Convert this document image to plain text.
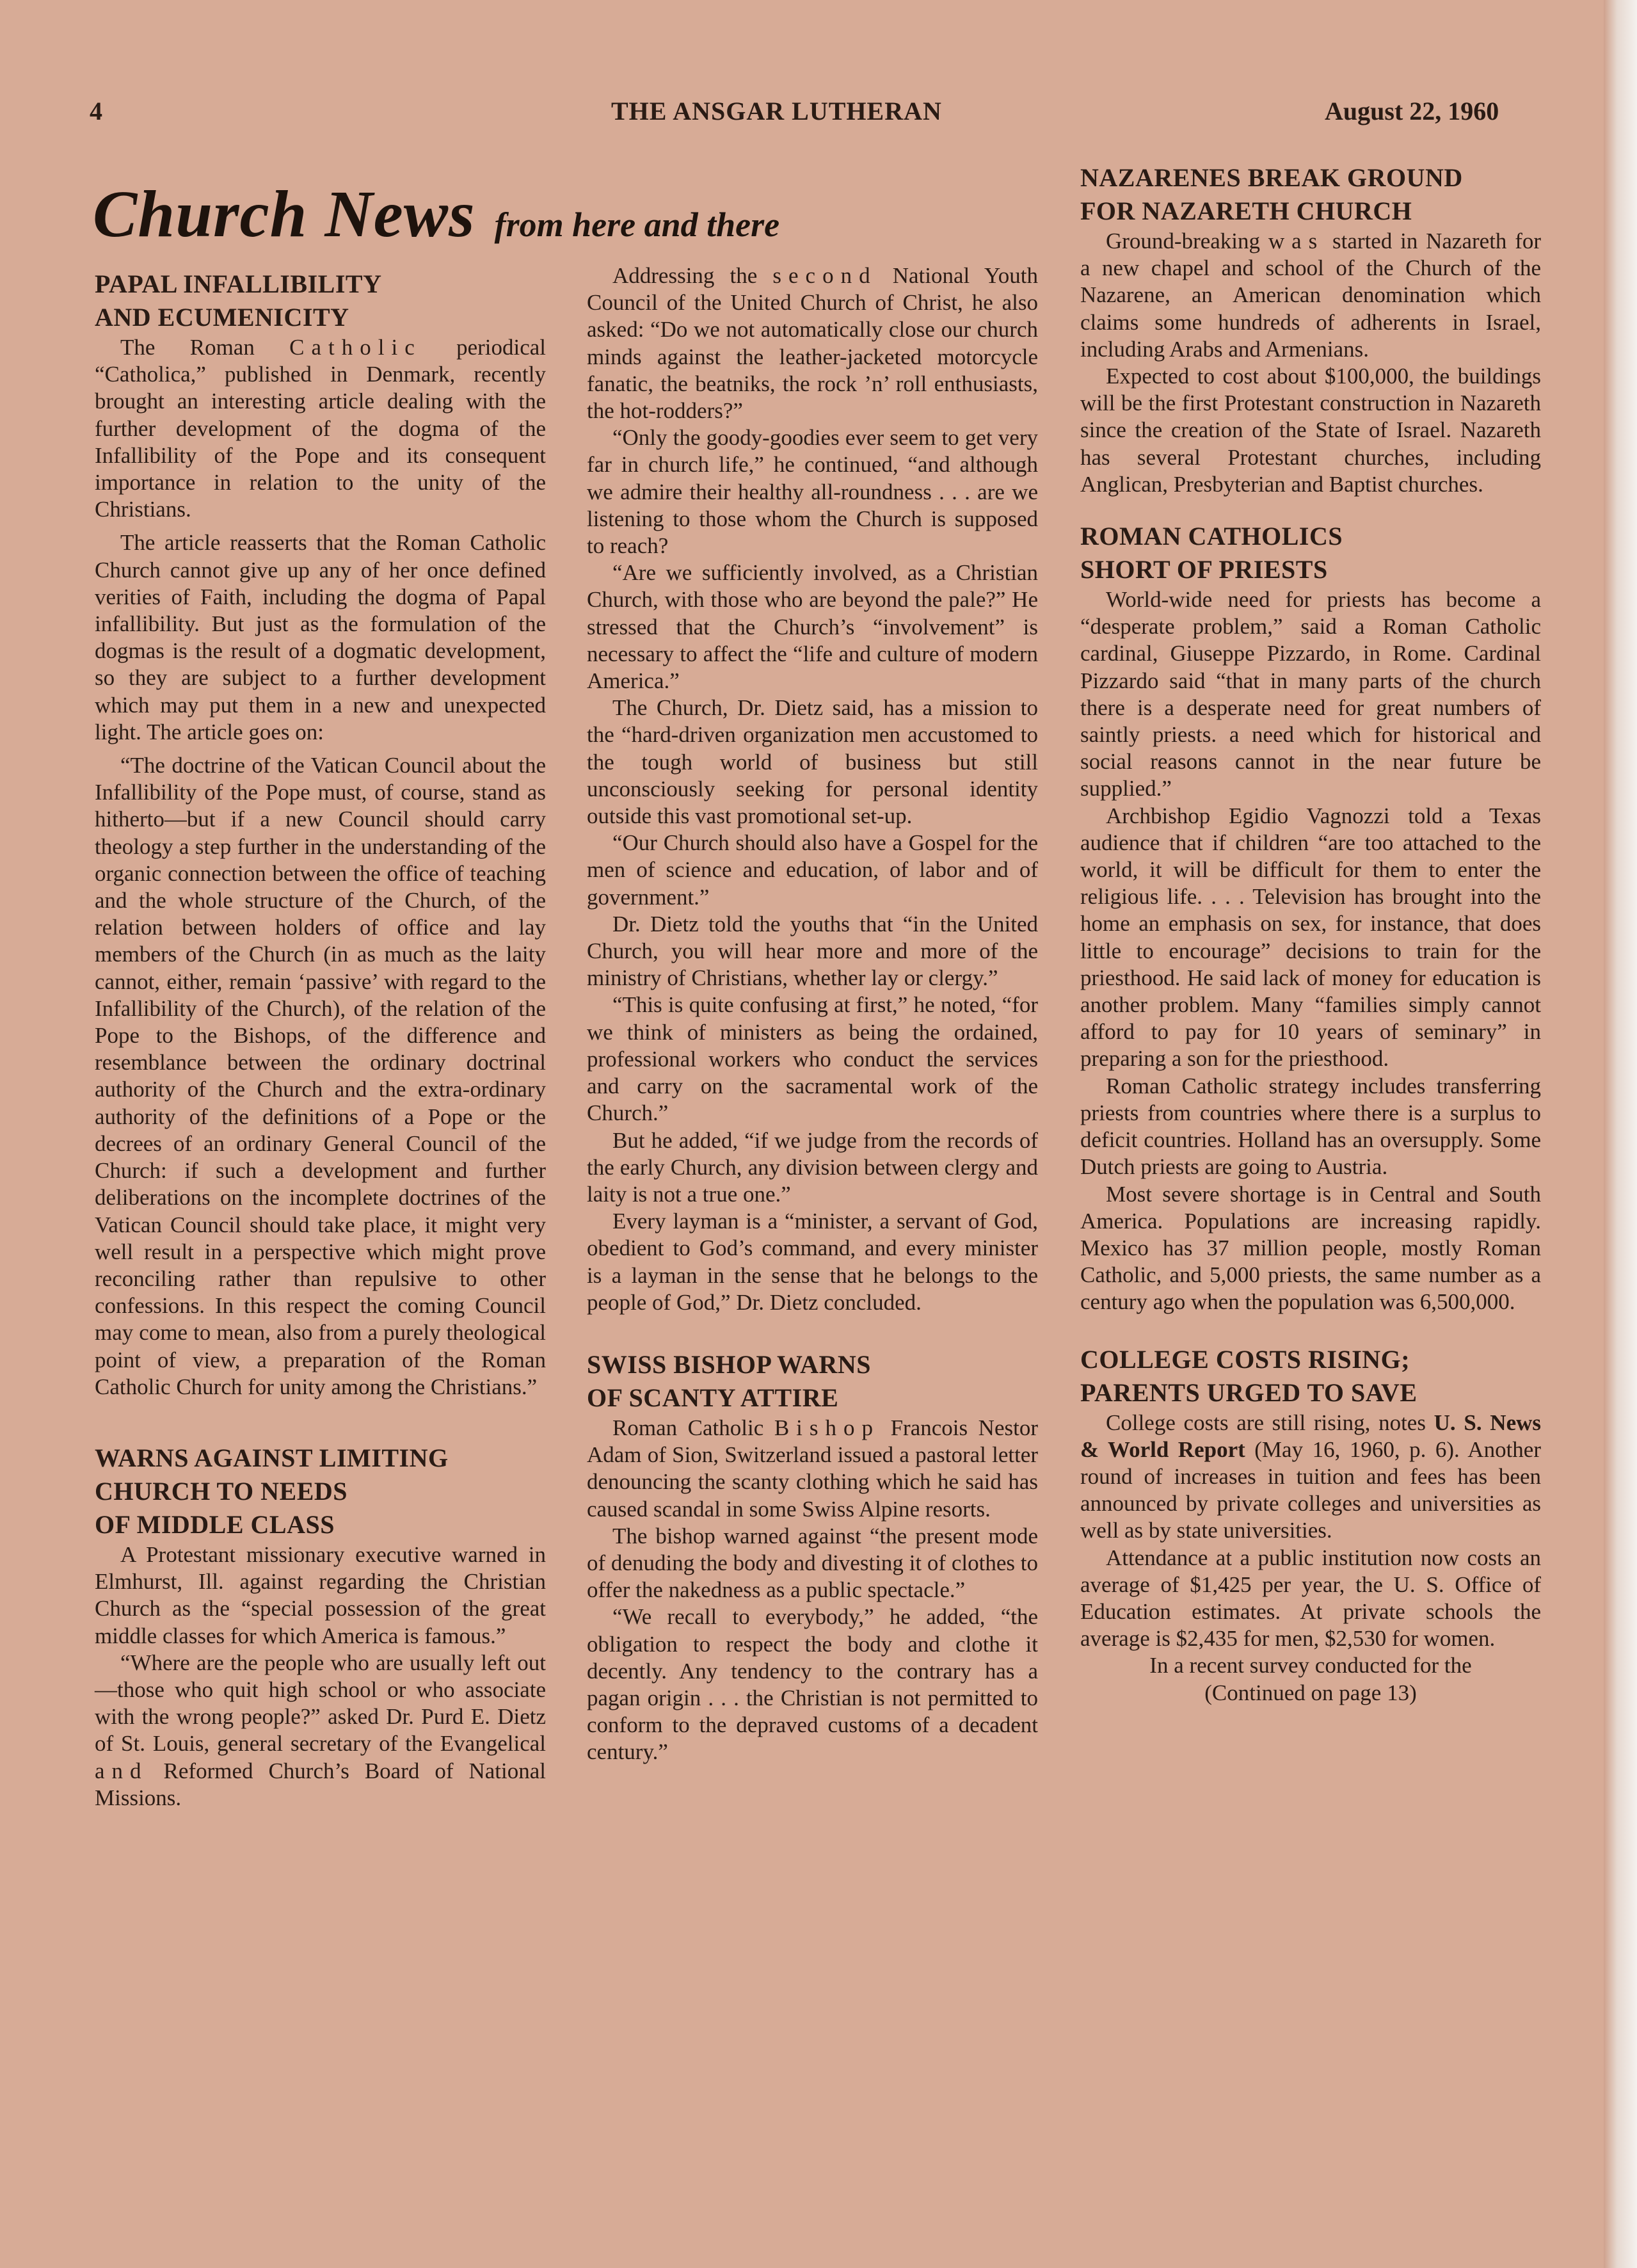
4	THE ANSGAR LUTHERAN	August 22, 1960
Church News from here and there
PAPAL INFALLIBILITY
AND ECUMENICITY

The Roman Catholic periodical “Catholica,” published in Denmark, recently brought an interesting article dealing with the further development of the dogma of the Infallibility of the Pope and its consequent importance in relation to the unity of the Christians.

The article reasserts that the Roman Catholic Church cannot give up any of her once defined verities of Faith, including the dogma of Papal infallibility. But just as the formulation of the dogmas is the result of a dogmatic development, so they are subject to a further development which may put them in a new and unexpected light. The article goes on:

“The doctrine of the Vatican Council about the Infallibility of the Pope must, of course, stand as hitherto—but if a new Council should carry theology a step further in the understanding of the organic connection between the office of teaching and the whole structure of the Church, of the relation between holders of office and lay members of the Church (in as much as the laity cannot, either, remain ‘passive’ with regard to the Infallibility of the Church), of the relation of the Pope to the Bishops, of the difference and resemblance between the ordinary doctrinal authority of the Church and the extra-ordinary authority of the definitions of a Pope or the decrees of an ordinary General Council of the Church: if such a development and further deliberations on the incomplete doctrines of the Vatican Council should take place, it might very well result in a perspective which might prove reconciling rather than repulsive to other confessions. In this respect the coming Council may come to mean, also from a purely theological point of view, a preparation of the Roman Catholic Church for unity among the Christians.”

WARNS AGAINST LIMITING
CHURCH TO NEEDS
OF MIDDLE CLASS

A Protestant missionary executive warned in Elmhurst, Ill. against regarding the Christian Church as the “special possession of the great middle classes for which America is famous.”

“Where are the people who are usually left out—those who quit high school or who associate with the wrong people?” asked Dr. Purd E. Dietz of St. Louis, general secretary of the Evangelical and Reformed Church’s Board of National Missions.

Addressing the second National Youth Council of the United Church of Christ, he also asked: “Do we not automatically close our church minds against the leather-jacketed motorcycle fanatic, the beatniks, the rock ’n’ roll enthusiasts, the hot-rodders?”

“Only the goody-goodies ever seem to get very far in church life,” he continued, “and although we admire their healthy all-roundness . . . are we listening to those whom the Church is supposed to reach?

“Are we sufficiently involved, as a Christian Church, with those who are beyond the pale?” He stressed that the Church’s “involvement” is necessary to affect the “life and culture of modern America.”

The Church, Dr. Dietz said, has a mission to the “hard-driven organization men accustomed to the tough world of business but still unconsciously seeking for personal identity outside this vast promotional set-up.

“Our Church should also have a Gospel for the men of science and education, of labor and of government.”

Dr. Dietz told the youths that “in the United Church, you will hear more and more of the ministry of Christians, whether lay or clergy.”

“This is quite confusing at first,” he noted, “for we think of ministers as being the ordained, professional workers who conduct the services and carry on the sacramental work of the Church.”

But he added, “if we judge from the records of the early Church, any division between clergy and laity is not a true one.”

Every layman is a “minister, a servant of God, obedient to God’s command, and every minister is a layman in the sense that he belongs to the people of God,” Dr. Dietz concluded.

SWISS BISHOP WARNS
OF SCANTY ATTIRE

Roman Catholic Bishop Francois Nestor Adam of Sion, Switzerland issued a pastoral letter denouncing the scanty clothing which he said has caused scandal in some Swiss Alpine resorts.

The bishop warned against “the present mode of denuding the body and divesting it of clothes to offer the nakedness as a public spectacle.”

“We recall to everybody,” he added, “the obligation to respect the body and clothe it decently. Any tendency to the contrary has a pagan origin . . . the Christian is not permitted to conform to the depraved customs of a decadent century.”

NAZARENES BREAK GROUND
FOR NAZARETH CHURCH

Ground-breaking was started in Nazareth for a new chapel and school of the Church of the Nazarene, an American denomination which claims some hundreds of adherents in Israel, including Arabs and Armenians.

Expected to cost about $100,000, the buildings will be the first Protestant construction in Nazareth since the creation of the State of Israel. Nazareth has several Protestant churches, including Anglican, Presbyterian and Baptist churches.

ROMAN CATHOLICS
SHORT OF PRIESTS

World-wide need for priests has become a “desperate problem,” said a Roman Catholic cardinal, Giuseppe Pizzardo, in Rome. Cardinal Pizzardo said “that in many parts of the church there is a desperate need for great numbers of saintly priests. a need which for historical and social reasons cannot in the near future be supplied.”

Archbishop Egidio Vagnozzi told a Texas audience that if children “are too attached to the world, it will be difficult for them to enter the religious life. . . . Television has brought into the home an emphasis on sex, for instance, that does little to encourage” decisions to train for the priesthood. He said lack of money for education is another problem. Many “families simply cannot afford to pay for 10 years of seminary” in preparing a son for the priesthood.

Roman Catholic strategy includes transferring priests from countries where there is a surplus to deficit countries. Holland has an oversupply. Some Dutch priests are going to Austria.

Most severe shortage is in Central and South America. Populations are increasing rapidly. Mexico has 37 million people, mostly Roman Catholic, and 5,000 priests, the same number as a century ago when the population was 6,500,000.

COLLEGE COSTS RISING;
PARENTS URGED TO SAVE

College costs are still rising, notes U. S. News & World Report (May 16, 1960, p. 6). Another round of increases in tuition and fees has been announced by private colleges and universities as well as by state universities.

Attendance at a public institution now costs an average of $1,425 per year, the U. S. Office of Education estimates. At private schools the average is $2,435 for men, $2,530 for women.

In a recent survey conducted for the

(Continued on page 13)
